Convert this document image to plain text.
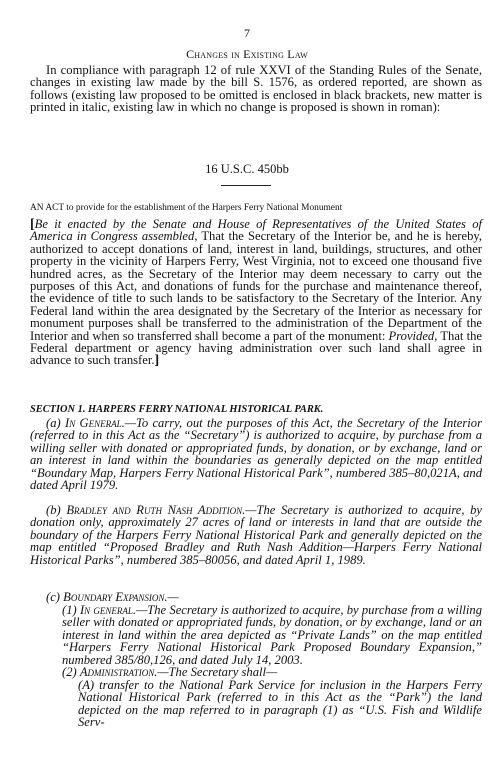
7
Changes in Existing Law
In compliance with paragraph 12 of rule XXVI of the Standing Rules of the Senate, changes in existing law made by the bill S. 1576, as ordered reported, are shown as follows (existing law proposed to be omitted is enclosed in black brackets, new matter is printed in italic, existing law in which no change is proposed is shown in roman):
16 U.S.C. 450bb
AN ACT to provide for the establishment of the Harpers Ferry National Monument
[Be it enacted by the Senate and House of Representatives of the United States of America in Congress assembled, That the Secretary of the Interior be, and he is hereby, authorized to accept donations of land, interest in land, buildings, structures, and other property in the vicinity of Harpers Ferry, West Virginia, not to exceed one thousand five hundred acres, as the Secretary of the Interior may deem necessary to carry out the purposes of this Act, and donations of funds for the purchase and maintenance thereof, the evidence of title to such lands to be satisfactory to the Secretary of the Interior. Any Federal land within the area designated by the Secretary of the Interior as necessary for monument purposes shall be transferred to the administration of the Department of the Interior and when so transferred shall become a part of the monument: Provided, That the Federal department or agency having administration over such land shall agree in advance to such transfer.]
SECTION 1. HARPERS FERRY NATIONAL HISTORICAL PARK.
(a) In General.—To carry, out the purposes of this Act, the Secretary of the Interior (referred to in this Act as the “Secretary”) is authorized to acquire, by purchase from a willing seller with donated or appropriated funds, by donation, or by exchange, land or an interest in land within the boundaries as generally depicted on the map entitled “Boundary Map, Harpers Ferry National Historical Park”, numbered 385–80,021A, and dated April 1979.
(b) Bradley and Ruth Nash Addition.—The Secretary is authorized to acquire, by donation only, approximately 27 acres of land or interests in land that are outside the boundary of the Harpers Ferry National Historical Park and generally depicted on the map entitled “Proposed Bradley and Ruth Nash Addition—Harpers Ferry National Historical Parks”, numbered 385–80056, and dated April 1, 1989.
(c) Boundary Expansion.—
(1) In general.—The Secretary is authorized to acquire, by purchase from a willing seller with donated or appropriated funds, by donation, or by exchange, land or an interest in land within the area depicted as “Private Lands” on the map entitled “Harpers Ferry National Historical Park Proposed Boundary Expansion,” numbered 385/80,126, and dated July 14, 2003.
(2) Administration.—The Secretary shall—
(A) transfer to the National Park Service for inclusion in the Harpers Ferry National Historical Park (referred to in this Act as the “Park”) the land depicted on the map referred to in paragraph (1) as “U.S. Fish and Wildlife Serv-
